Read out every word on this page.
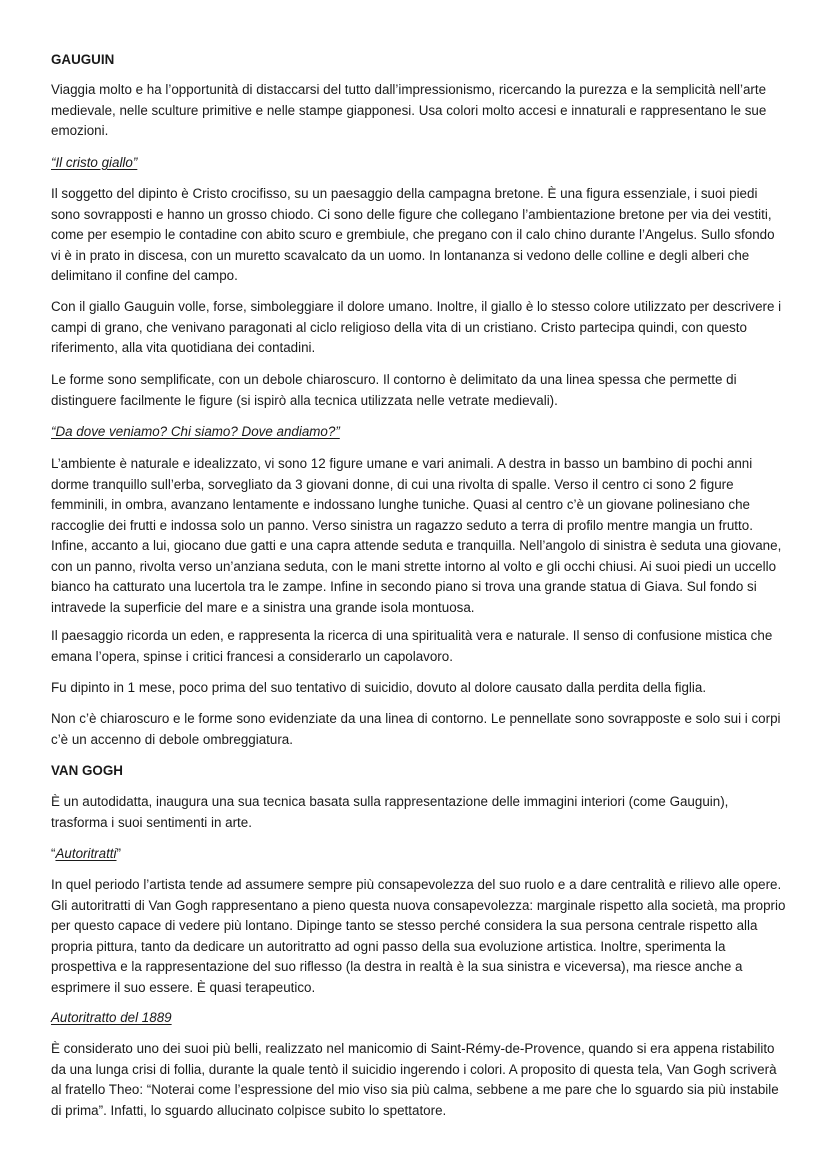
GAUGUIN

Viaggia molto e ha l’opportunità di distaccarsi del tutto dall’impressionismo, ricercando la purezza e la semplicità nell’arte medievale, nelle sculture primitive e nelle stampe giapponesi. Usa colori molto accesi e innaturali e rappresentano le sue emozioni.

“Il cristo giallo”

Il soggetto del dipinto è Cristo crocifisso, su un paesaggio della campagna bretone. È una figura essenziale, i suoi piedi sono sovrapposti e hanno un grosso chiodo. Ci sono delle figure che collegano l’ambientazione bretone per via dei vestiti, come per esempio le contadine con abito scuro e grembiule, che pregano con il calo chino durante l’Angelus. Sullo sfondo vi è in prato in discesa, con un muretto scavalcato da un uomo. In lontananza si vedono delle colline e degli alberi che delimitano il confine del campo.

Con il giallo Gauguin volle, forse, simboleggiare il dolore umano. Inoltre, il giallo è lo stesso colore utilizzato per descrivere i campi di grano, che venivano paragonati al ciclo religioso della vita di un cristiano. Cristo partecipa quindi, con questo riferimento, alla vita quotidiana dei contadini.

Le forme sono semplificate, con un debole chiaroscuro. Il contorno è delimitato da una linea spessa che permette di distinguere facilmente le figure (si ispirò alla tecnica utilizzata nelle vetrate medievali).

“Da dove veniamo? Chi siamo? Dove andiamo?”

L’ambiente è naturale e idealizzato, vi sono 12 figure umane e vari animali. A destra in basso un bambino di pochi anni dorme tranquillo sull’erba, sorvegliato da 3 giovani donne, di cui una rivolta di spalle. Verso il centro ci sono 2 figure femminili, in ombra, avanzano lentamente e indossano lunghe tuniche. Quasi al centro c’è un giovane polinesiano che raccoglie dei frutti e indossa solo un panno. Verso sinistra un ragazzo seduto a terra di profilo mentre mangia un frutto. Infine, accanto a lui, giocano due gatti e una capra attende seduta e tranquilla. Nell’angolo di sinistra è seduta una giovane, con un panno, rivolta verso un’anziana seduta, con le mani strette intorno al volto e gli occhi chiusi. Ai suoi piedi un uccello bianco ha catturato una lucertola tra le zampe. Infine in secondo piano si trova una grande statua di Giava. Sul fondo si intravede la superficie del mare e a sinistra una grande isola montuosa.

Il paesaggio ricorda un eden, e rappresenta la ricerca di una spiritualità vera e naturale. Il senso di confusione mistica che emana l’opera, spinse i critici francesi a considerarlo un capolavoro.

Fu dipinto in 1 mese, poco prima del suo tentativo di suicidio, dovuto al dolore causato dalla perdita della figlia.

Non c’è chiaroscuro e le forme sono evidenziate da una linea di contorno. Le pennellate sono sovrapposte e solo sui i corpi c’è un accenno di debole ombreggiatura.

VAN GOGH

È un autodidatta, inaugura una sua tecnica basata sulla rappresentazione delle immagini interiori (come Gauguin), trasforma i suoi sentimenti in arte.

“Autoritratti”

In quel periodo l’artista tende ad assumere sempre più consapevolezza del suo ruolo e a dare centralità e rilievo alle opere. Gli autoritratti di Van Gogh rappresentano a pieno questa nuova consapevolezza: marginale rispetto alla società, ma proprio per questo capace di vedere più lontano. Dipinge tanto se stesso perché considera la sua persona centrale rispetto alla propria pittura, tanto da dedicare un autoritratto ad ogni passo della sua evoluzione artistica. Inoltre, sperimenta la prospettiva e la rappresentazione del suo riflesso (la destra in realtà è la sua sinistra e viceversa), ma riesce anche a esprimere il suo essere. È quasi terapeutico.

Autoritratto del 1889

È considerato uno dei suoi più belli, realizzato nel manicomio di Saint-Rémy-de-Provence, quando si era appena ristabilito da una lunga crisi di follia, durante la quale tentò il suicidio ingerendo i colori. A proposito di questa tela, Van Gogh scriverà al fratello Theo: “Noterai come l’espressione del mio viso sia più calma, sebbene a me pare che lo sguardo sia più instabile di prima”. Infatti, lo sguardo allucinato colpisce subito lo spettatore.
